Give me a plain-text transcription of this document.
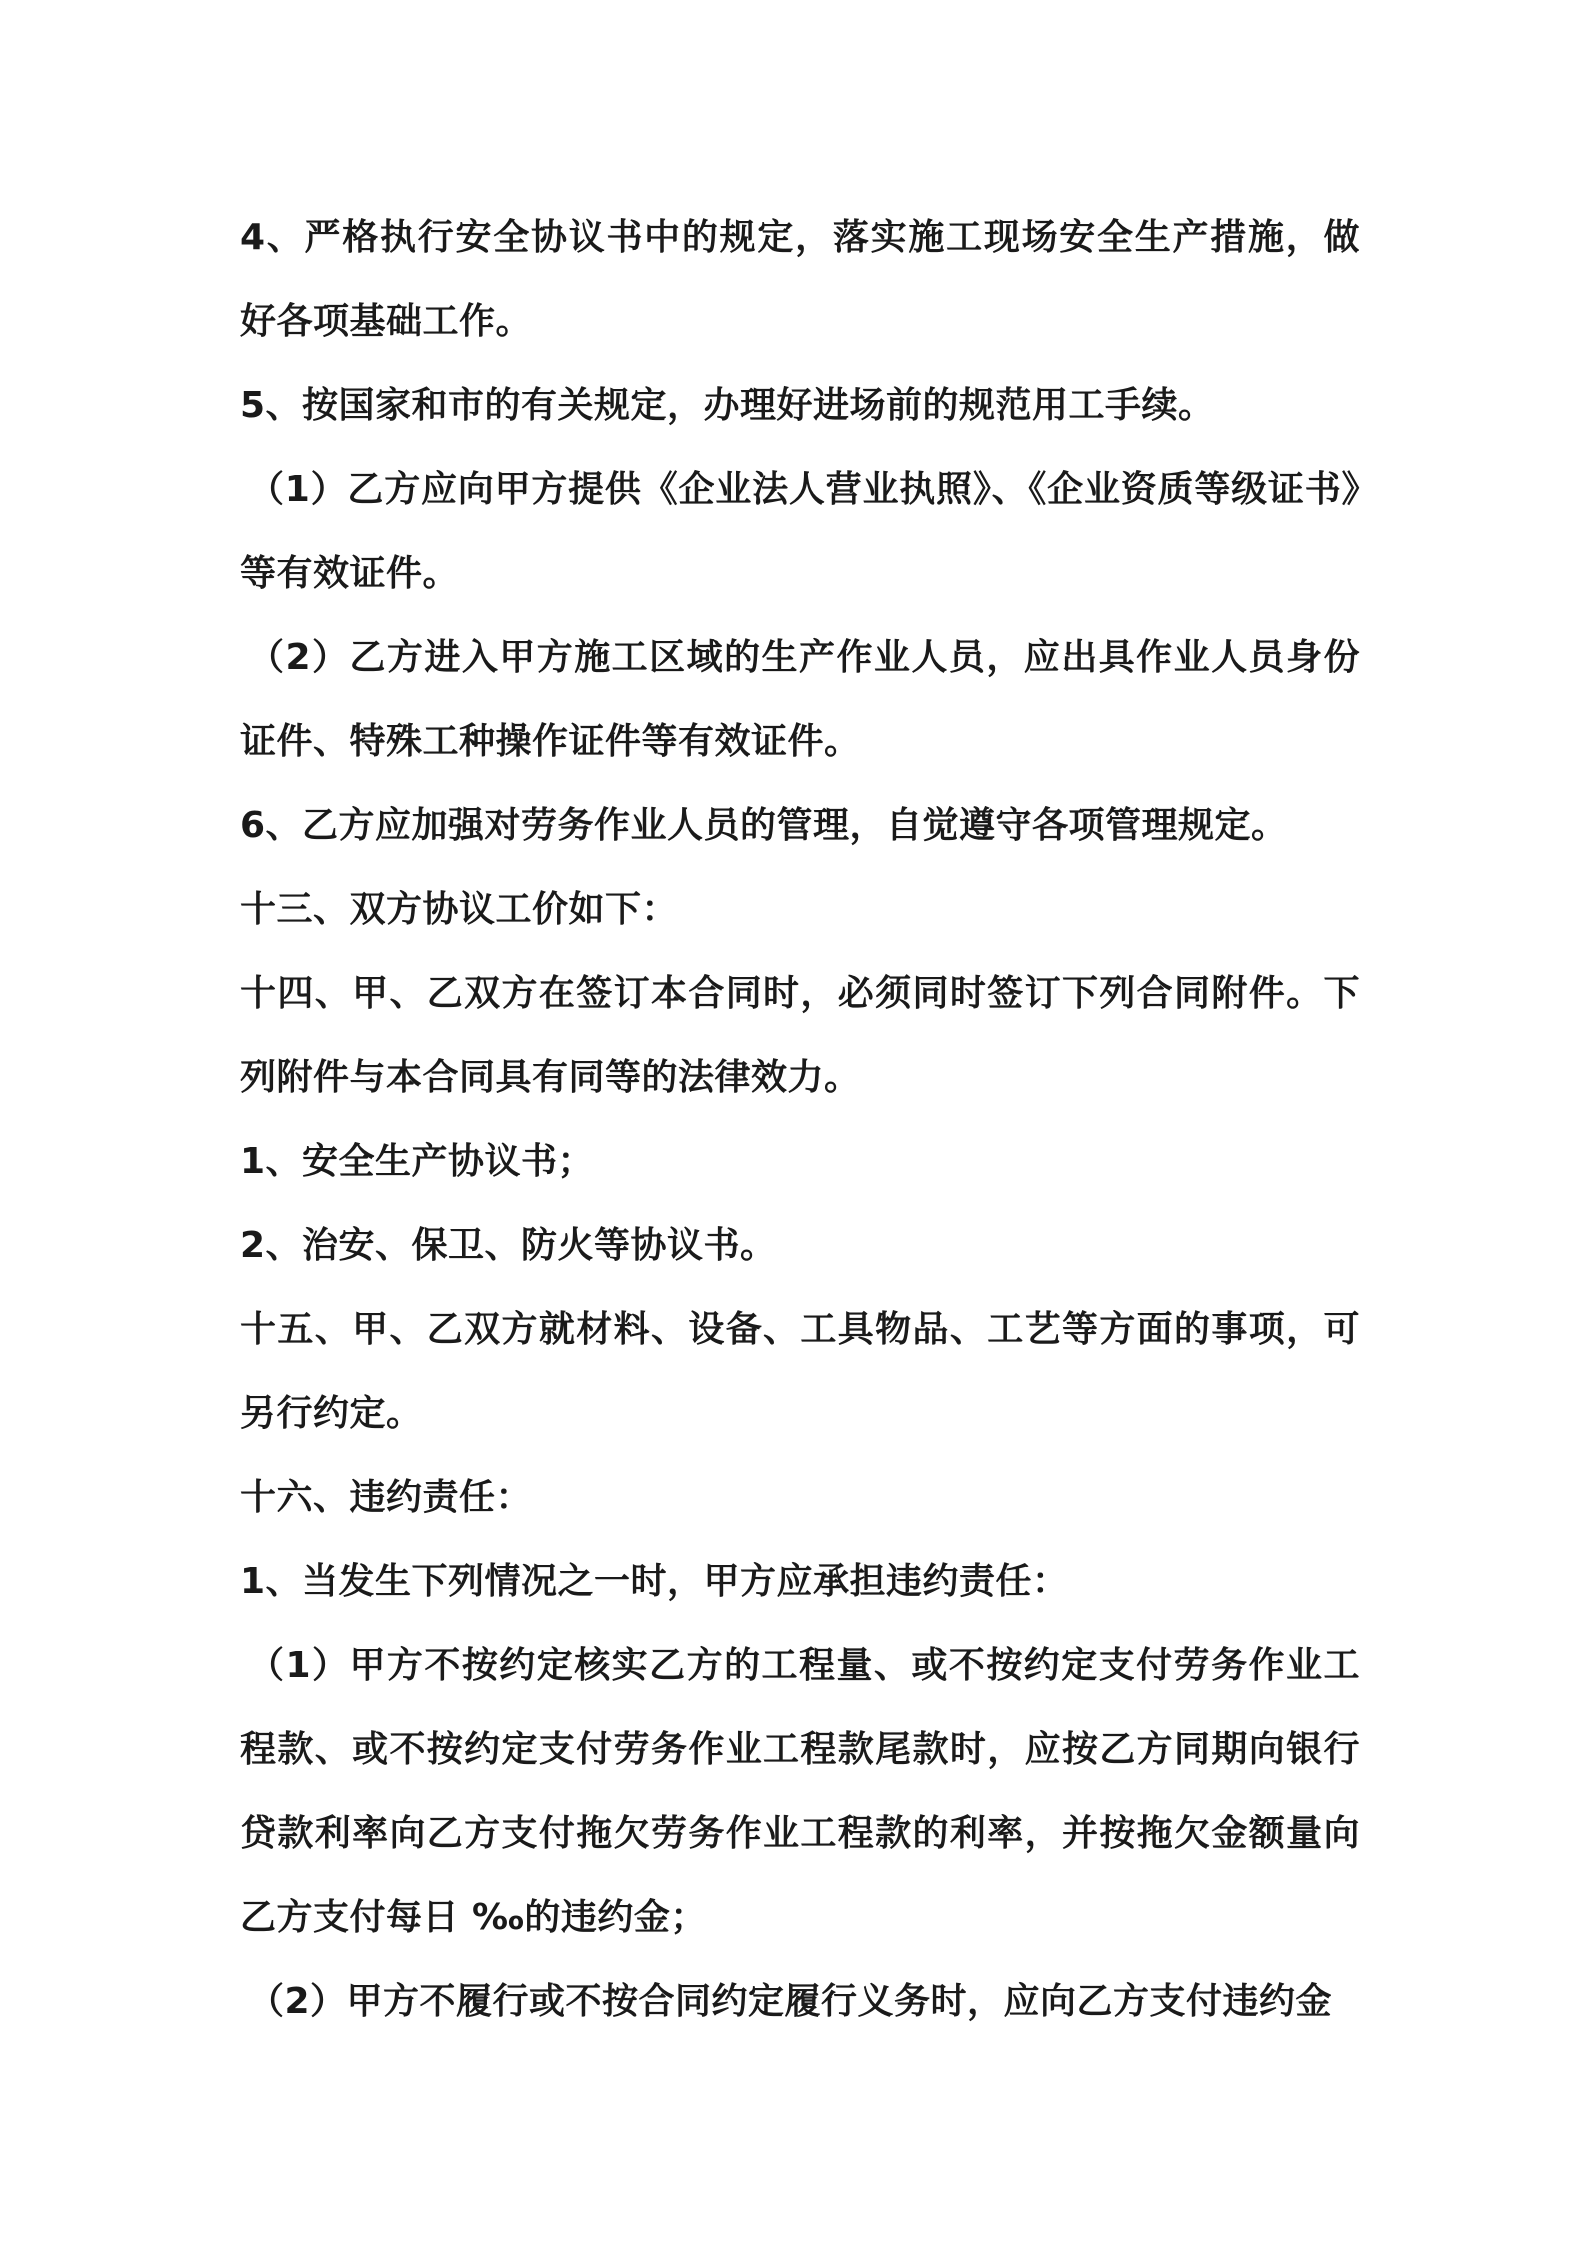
4、严格执行安全协议书中的规定，落实施工现场安全生产措施，做好各项基础工作。

5、按国家和市的有关规定，办理好进场前的规范用工手续。

（1）乙方应向甲方提供《企业法人营业执照》、《企业资质等级证书》等有效证件。

（2）乙方进入甲方施工区域的生产作业人员，应出具作业人员身份证件、特殊工种操作证件等有效证件。

6、乙方应加强对劳务作业人员的管理，自觉遵守各项管理规定。

十三、双方协议工价如下：

十四、甲、乙双方在签订本合同时，必须同时签订下列合同附件。下列附件与本合同具有同等的法律效力。

1、安全生产协议书；

2、治安、保卫、防火等协议书。

十五、甲、乙双方就材料、设备、工具物品、工艺等方面的事项，可另行约定。

十六、违约责任：

1、当发生下列情况之一时，甲方应承担违约责任：

（1）甲方不按约定核实乙方的工程量、或不按约定支付劳务作业工程款、或不按约定支付劳务作业工程款尾款时，应按乙方同期向银行贷款利率向乙方支付拖欠劳务作业工程款的利率，并按拖欠金额量向乙方支付每日 ‰的违约金；

（2）甲方不履行或不按合同约定履行义务时，应向乙方支付违约金
